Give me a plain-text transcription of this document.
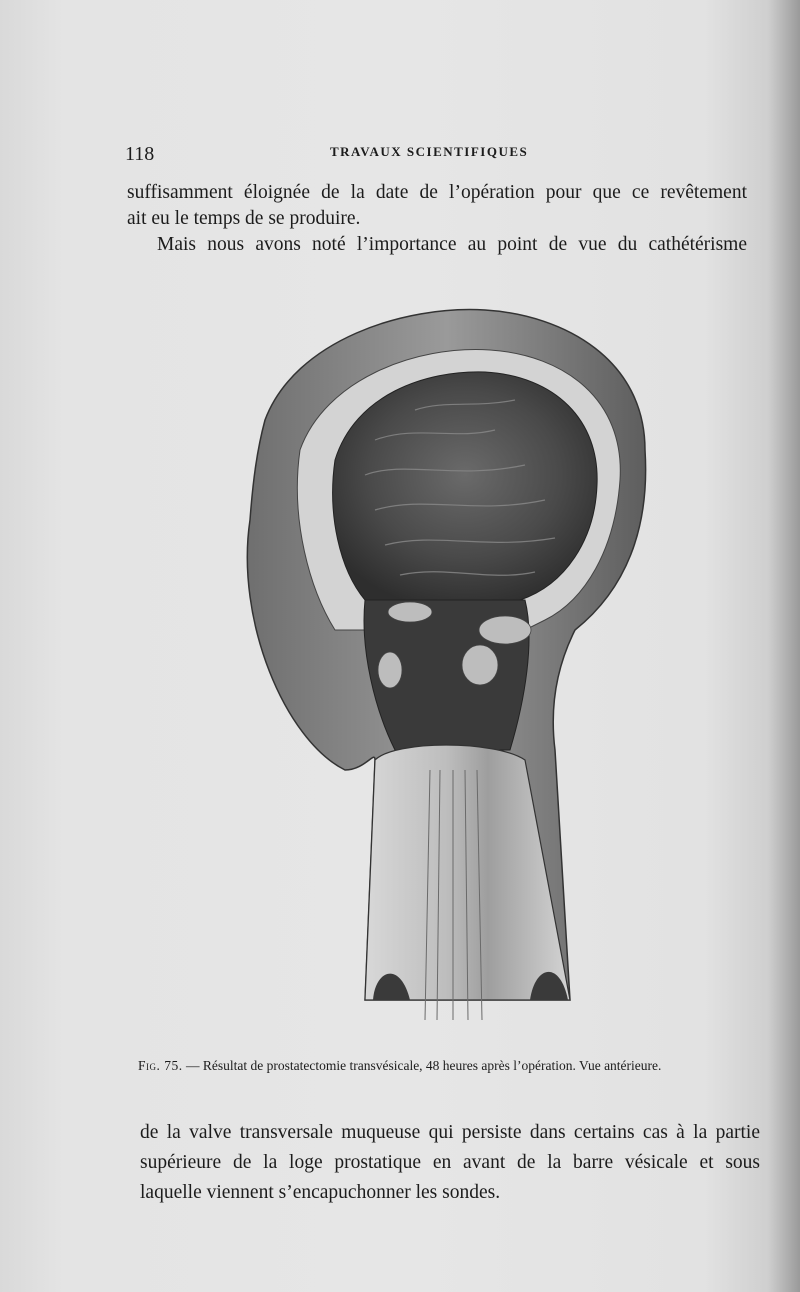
118	TRAVAUX SCIENTIFIQUES

suffisamment éloignée de la date de l’opération pour que ce revêtement
ait eu le temps de se produire.
Mais nous avons noté l’importance au point de vue du cathétérisme

Fig. 75. — Résultat de prostatectomie transvésicale, 48 heures après l’opération. Vue antérieure.

de la valve transversale muqueuse qui persiste dans certains cas à la partie
supérieure de la loge prostatique en avant de la barre vésicale et sous
laquelle viennent s’encapuchonner les sondes.
